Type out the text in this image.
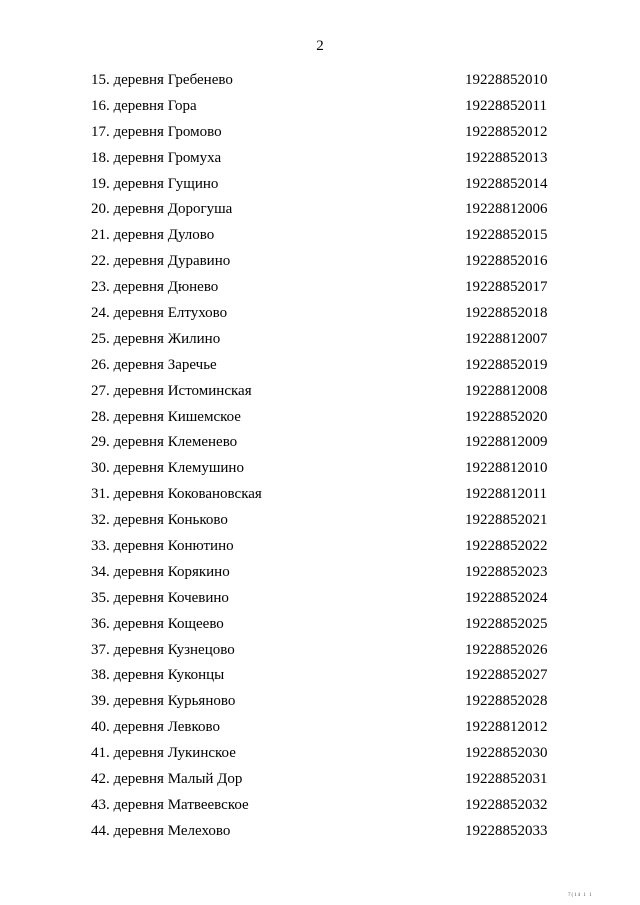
2
15. деревня Гребенево	19228852010
16. деревня Гора	19228852011
17. деревня Громово	19228852012
18. деревня Громуха	19228852013
19. деревня Гущино	19228852014
20. деревня Дорогуша	19228812006
21. деревня Дулово	19228852015
22. деревня Дуравино	19228852016
23. деревня Дюнево	19228852017
24. деревня Елтухово	19228852018
25. деревня Жилино	19228812007
26. деревня Заречье	19228852019
27. деревня Истоминская	19228812008
28. деревня Кишемское	19228852020
29. деревня Клеменево	19228812009
30. деревня Клемушино	19228812010
31. деревня Коковановская	19228812011
32. деревня Коньково	19228852021
33. деревня Конютино	19228852022
34. деревня Корякино	19228852023
35. деревня Кочевино	19228852024
36. деревня Кощеево	19228852025
37. деревня Кузнецово	19228852026
38. деревня Куконцы	19228852027
39. деревня Курьяново	19228852028
40. деревня Левково	19228812012
41. деревня Лукинское	19228852030
42. деревня Малый Дор	19228852031
43. деревня Матвеевское	19228852032
44. деревня Мелехово	19228852033
7(14 1 1
